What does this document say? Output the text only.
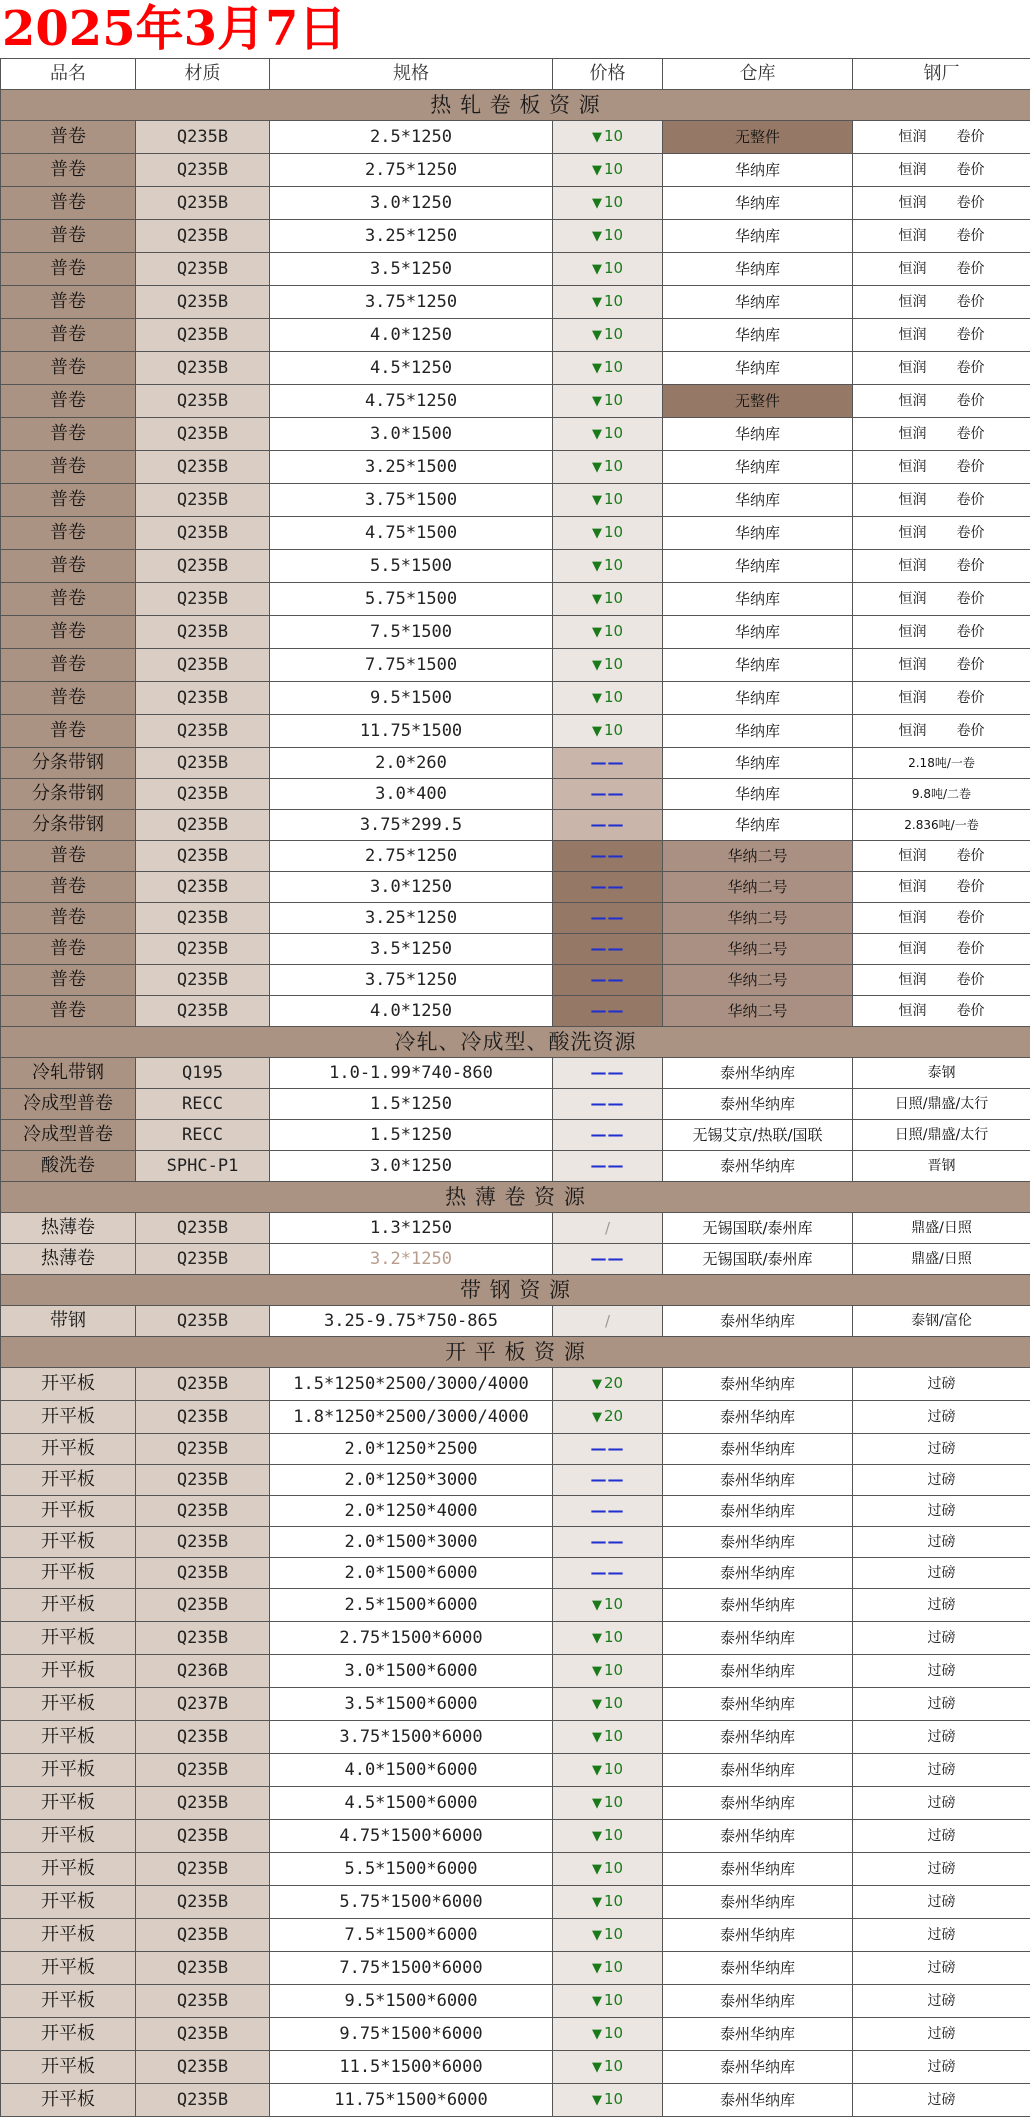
2025年3月7日
品名	材质	规格	价格	仓库	钢厂
热 轧 卷 板 资 源					
普卷	Q235B	2.5*1250	▼ 10	无整件	恒润 卷价
普卷	Q235B	2.75*1250	▼ 10	华纳库	恒润 卷价
普卷	Q235B	3.0*1250	▼ 10	华纳库	恒润 卷价
普卷	Q235B	3.25*1250	▼ 10	华纳库	恒润 卷价
普卷	Q235B	3.5*1250	▼ 10	华纳库	恒润 卷价
普卷	Q235B	3.75*1250	▼ 10	华纳库	恒润 卷价
普卷	Q235B	4.0*1250	▼ 10	华纳库	恒润 卷价
普卷	Q235B	4.5*1250	▼ 10	华纳库	恒润 卷价
普卷	Q235B	4.75*1250	▼ 10	无整件	恒润 卷价
普卷	Q235B	3.0*1500	▼ 10	华纳库	恒润 卷价
普卷	Q235B	3.25*1500	▼ 10	华纳库	恒润 卷价
普卷	Q235B	3.75*1500	▼ 10	华纳库	恒润 卷价
普卷	Q235B	4.75*1500	▼ 10	华纳库	恒润 卷价
普卷	Q235B	5.5*1500	▼ 10	华纳库	恒润 卷价
普卷	Q235B	5.75*1500	▼ 10	华纳库	恒润 卷价
普卷	Q235B	7.5*1500	▼ 10	华纳库	恒润 卷价
普卷	Q235B	7.75*1500	▼ 10	华纳库	恒润 卷价
普卷	Q235B	9.5*1500	▼ 10	华纳库	恒润 卷价
普卷	Q235B	11.75*1500	▼ 10	华纳库	恒润 卷价
分条带钢	Q235B	2.0*260	——	华纳库	2.18吨/一卷
分条带钢	Q235B	3.0*400	——	华纳库	9.8吨/二卷
分条带钢	Q235B	3.75*299.5	——	华纳库	2.836吨/一卷
普卷	Q235B	2.75*1250	——	华纳二号	恒润 卷价
普卷	Q235B	3.0*1250	——	华纳二号	恒润 卷价
普卷	Q235B	3.25*1250	——	华纳二号	恒润 卷价
普卷	Q235B	3.5*1250	——	华纳二号	恒润 卷价
普卷	Q235B	3.75*1250	——	华纳二号	恒润 卷价
普卷	Q235B	4.0*1250	——	华纳二号	恒润 卷价
冷轧、冷成型、酸洗资源					
冷轧带钢	Q195	1.0-1.99*740-860	——	泰州华纳库	泰钢
冷成型普卷	RECC	1.5*1250	——	泰州华纳库	日照/鼎盛/太行
冷成型普卷	RECC	1.5*1250	——	无锡艾京/热联/国联	日照/鼎盛/太行
酸洗卷	SPHC-P1	3.0*1250	——	泰州华纳库	晋钢
热 薄 卷 资 源					
热薄卷	Q235B	1.3*1250	/	无锡国联/泰州库	鼎盛/日照
热薄卷	Q235B	3.2*1250	——	无锡国联/泰州库	鼎盛/日照
带 钢 资 源					
带钢	Q235B	3.25-9.75*750-865	/	泰州华纳库	泰钢/富伦
开 平 板 资 源					
开平板	Q235B	1.5*1250*2500/3000/4000	▼ 20	泰州华纳库	过磅
开平板	Q235B	1.8*1250*2500/3000/4000	▼ 20	泰州华纳库	过磅
开平板	Q235B	2.0*1250*2500	——	泰州华纳库	过磅
开平板	Q235B	2.0*1250*3000	——	泰州华纳库	过磅
开平板	Q235B	2.0*1250*4000	——	泰州华纳库	过磅
开平板	Q235B	2.0*1500*3000	——	泰州华纳库	过磅
开平板	Q235B	2.0*1500*6000	——	泰州华纳库	过磅
开平板	Q235B	2.5*1500*6000	▼ 10	泰州华纳库	过磅
开平板	Q235B	2.75*1500*6000	▼ 10	泰州华纳库	过磅
开平板	Q236B	3.0*1500*6000	▼ 10	泰州华纳库	过磅
开平板	Q237B	3.5*1500*6000	▼ 10	泰州华纳库	过磅
开平板	Q235B	3.75*1500*6000	▼ 10	泰州华纳库	过磅
开平板	Q235B	4.0*1500*6000	▼ 10	泰州华纳库	过磅
开平板	Q235B	4.5*1500*6000	▼ 10	泰州华纳库	过磅
开平板	Q235B	4.75*1500*6000	▼ 10	泰州华纳库	过磅
开平板	Q235B	5.5*1500*6000	▼ 10	泰州华纳库	过磅
开平板	Q235B	5.75*1500*6000	▼ 10	泰州华纳库	过磅
开平板	Q235B	7.5*1500*6000	▼ 10	泰州华纳库	过磅
开平板	Q235B	7.75*1500*6000	▼ 10	泰州华纳库	过磅
开平板	Q235B	9.5*1500*6000	▼ 10	泰州华纳库	过磅
开平板	Q235B	9.75*1500*6000	▼ 10	泰州华纳库	过磅
开平板	Q235B	11.5*1500*6000	▼ 10	泰州华纳库	过磅
开平板	Q235B	11.75*1500*6000	▼ 10	泰州华纳库	过磅
